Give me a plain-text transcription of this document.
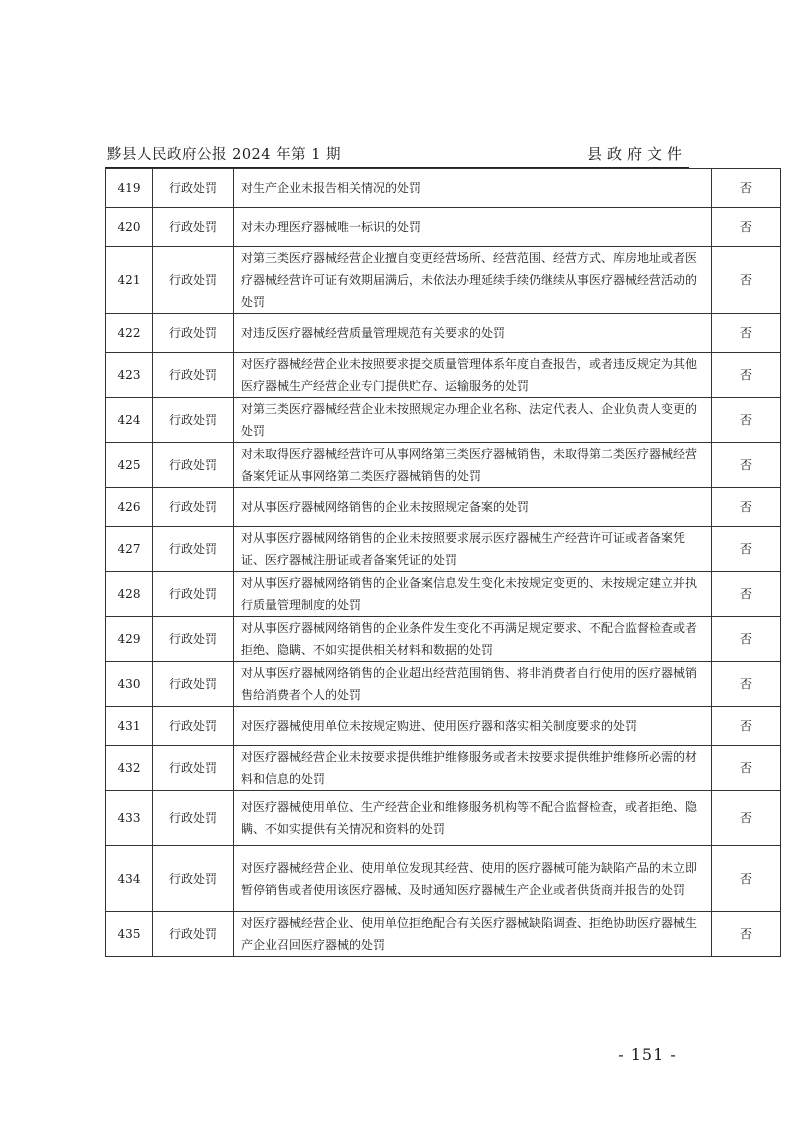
黟县人民政府公报 2024 年第 1 期	县政府文件
419	行政处罚	对生产企业未报告相关情况的处罚	否
420	行政处罚	对未办理医疗器械唯一标识的处罚	否
421	行政处罚	对第三类医疗器械经营企业擅自变更经营场所、经营范围、经营方式、库房地址或者医疗器械经营许可证有效期届满后，未依法办理延续手续仍继续从事医疗器械经营活动的处罚	否
422	行政处罚	对违反医疗器械经营质量管理规范有关要求的处罚	否
423	行政处罚	对医疗器械经营企业未按照要求提交质量管理体系年度自查报告，或者违反规定为其他医疗器械生产经营企业专门提供贮存、运输服务的处罚	否
424	行政处罚	对第三类医疗器械经营企业未按照规定办理企业名称、法定代表人、企业负责人变更的处罚	否
425	行政处罚	对未取得医疗器械经营许可从事网络第三类医疗器械销售，未取得第二类医疗器械经营备案凭证从事网络第二类医疗器械销售的处罚	否
426	行政处罚	对从事医疗器械网络销售的企业未按照规定备案的处罚	否
427	行政处罚	对从事医疗器械网络销售的企业未按照要求展示医疗器械生产经营许可证或者备案凭证、医疗器械注册证或者备案凭证的处罚	否
428	行政处罚	对从事医疗器械网络销售的企业备案信息发生变化未按规定变更的、未按规定建立并执行质量管理制度的处罚	否
429	行政处罚	对从事医疗器械网络销售的企业条件发生变化不再满足规定要求、不配合监督检查或者拒绝、隐瞒、不如实提供相关材料和数据的处罚	否
430	行政处罚	对从事医疗器械网络销售的企业超出经营范围销售、将非消费者自行使用的医疗器械销售给消费者个人的处罚	否
431	行政处罚	对医疗器械使用单位未按规定购进、使用医疗器和落实相关制度要求的处罚	否
432	行政处罚	对医疗器械经营企业未按要求提供维护维修服务或者未按要求提供维护维修所必需的材料和信息的处罚	否
433	行政处罚	对医疗器械使用单位、生产经营企业和维修服务机构等不配合监督检查，或者拒绝、隐瞒、不如实提供有关情况和资料的处罚	否
434	行政处罚	对医疗器械经营企业、使用单位发现其经营、使用的医疗器械可能为缺陷产品的未立即暂停销售或者使用该医疗器械、及时通知医疗器械生产企业或者供货商并报告的处罚	否
435	行政处罚	对医疗器械经营企业、使用单位拒绝配合有关医疗器械缺陷调查、拒绝协助医疗器械生产企业召回医疗器械的处罚	否
- 151 -
